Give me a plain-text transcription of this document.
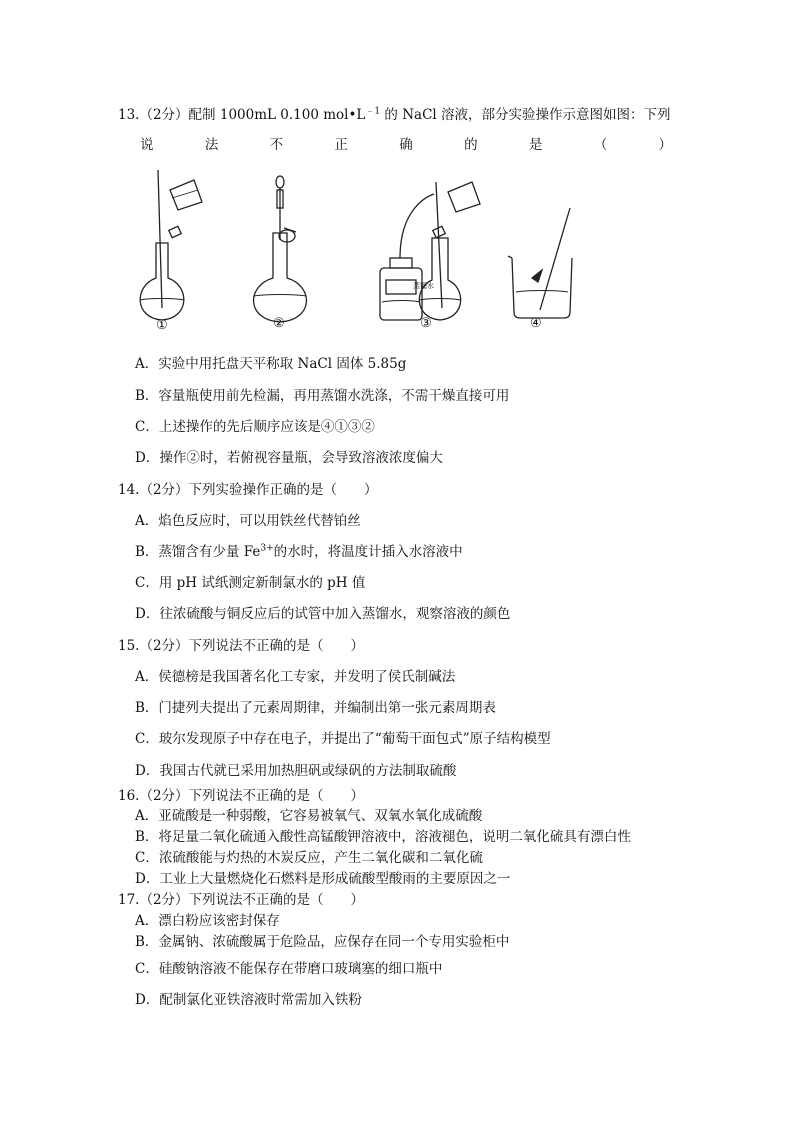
13.（2分）配制 1000mL 0.100 $mol•L^{﹣1}$ 的 NaCl 溶液，部分实验操作示意图如图：下列
说	法	不	正	确	的	是	（	）
蒸馏水
①	②	③	④
A．实验中用托盘天平称取 NaCl 固体 5.85g
B．容量瓶使用前先检漏，再用蒸馏水洗涤，不需干燥直接可用
C．上述操作的先后顺序应该是④①③②
D．操作②时，若俯视容量瓶，会导致溶液浓度偏大
14.（2分）下列实验操作正确的是（　　）
A．焰色反应时，可以用铁丝代替铂丝
B．蒸馏含有少量 $Fe^{3+}$的水时，将温度计插入水溶液中
C．用 pH 试纸测定新制氯水的 pH 值
D．往浓硫酸与铜反应后的试管中加入蒸馏水，观察溶液的颜色
15.（2分）下列说法不正确的是（　　）
A．侯德榜是我国著名化工专家，并发明了侯氏制碱法
B．门捷列夫提出了元素周期律，并编制出第一张元素周期表
C．玻尔发现原子中存在电子，并提出了“葡萄干面包式”原子结构模型
D．我国古代就已采用加热胆矾或绿矾的方法制取硫酸
16.（2分）下列说法不正确的是（　　）
A．亚硫酸是一种弱酸，它容易被氧气、双氧水氧化成硫酸
B．将足量二氧化硫通入酸性高锰酸钾溶液中，溶液褪色，说明二氧化硫具有漂白性
C．浓硫酸能与灼热的木炭反应，产生二氧化碳和二氧化硫
D．工业上大量燃烧化石燃料是形成硫酸型酸雨的主要原因之一
17.（2分）下列说法不正确的是（　　）
A．漂白粉应该密封保存
B．金属钠、浓硫酸属于危险品，应保存在同一个专用实验柜中
C．硅酸钠溶液不能保存在带磨口玻璃塞的细口瓶中
D．配制氯化亚铁溶液时常需加入铁粉
